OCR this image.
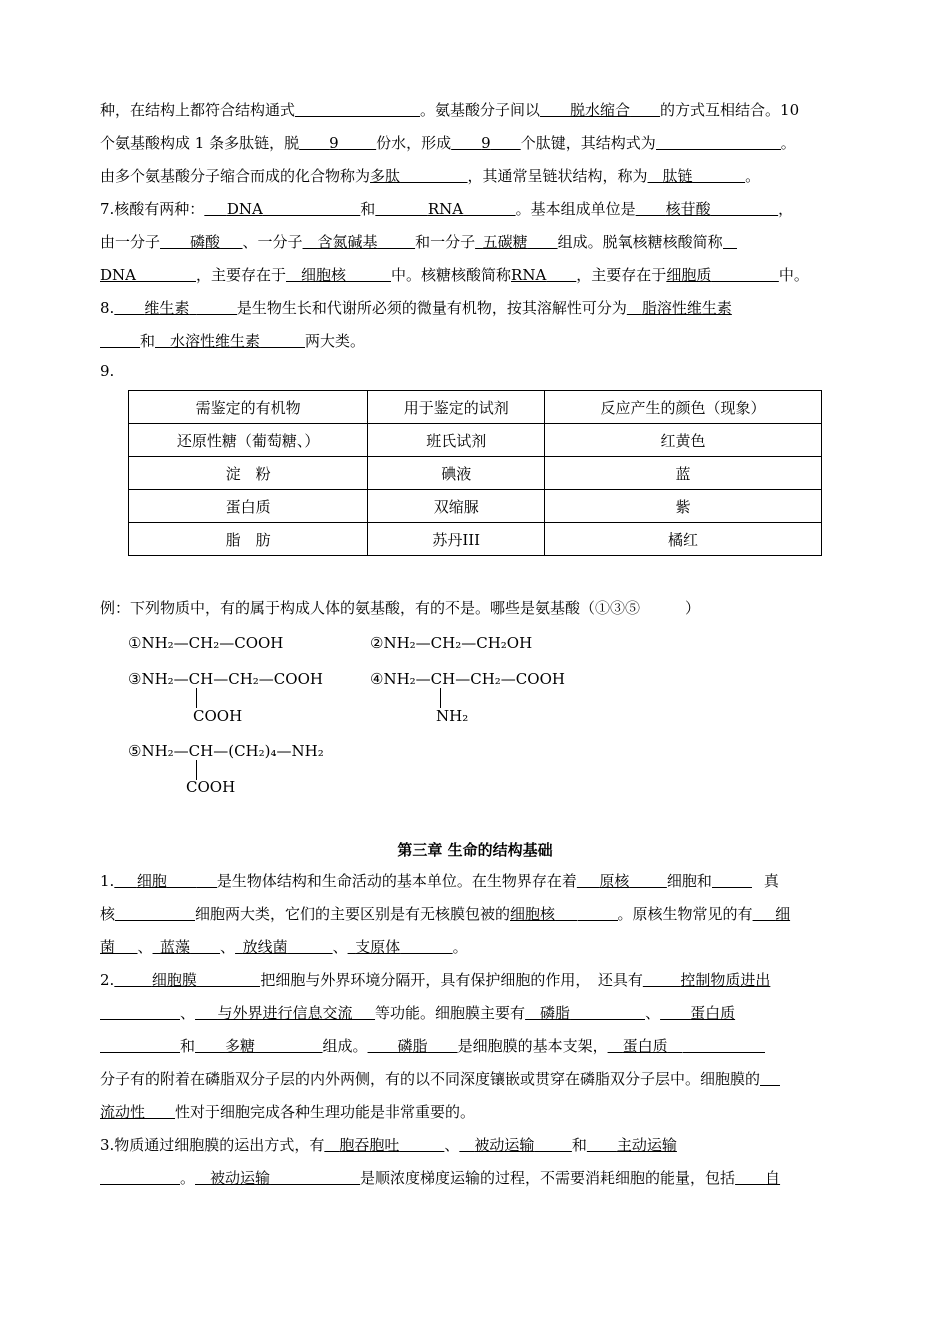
种，在结构上都符合结构通式	。氨基酸分子间以   脱水缩合   的方式互相结合。10
个氨基酸构成 1 条多肽链，脱   9   	份水，形成   9   个肽键，其结构式为	。
由多个氨基酸分子缩合而成的化合物称为多肽     	，其通常呈链状结构，称为  肽链    	。
7.核酸有两种：    DNA       	和    	RNA    	。基本组成单位是   核苷酸     	，
由一分子   磷酸   、一分子   含氮碱基   	和一分子  五碳糖   组成。脱氧核糖核酸简称
DNA    	，主要存在于   细胞核   	中。核糖核酸简称RNA   ，主要存在于细胞质     	中。
8.   维生素 	是生物生长和代谢所必须的微量有机物，按其溶解性可分为  脂溶性维生素
和  水溶性维生素 	两大类。
9.
需鉴定的有机物	用于鉴定的试剂	反应产生的颜色（现象）
还原性糖（葡萄糖、）	班氏试剂	红黄色
淀　粉	碘液	蓝
蛋白质	双缩脲	紫
脂　肪	苏丹III	橘红
例：下列物质中，有的属于构成人体的氨基酸，有的不是。哪些是氨基酸（①③⑤　　　）
①NH₂—CH₂—COOH	②NH₂—CH₂—CH₂OH
③NH₂—CH—CH₂—COOH
COOH
④NH₂—CH—CH₂—COOH
NH₂
⑤NH₂—CH—(CH₂)₄—NH₂
COOH
第三章 生命的结构基础
1.   细胞  	是生物体结构和生命活动的基本单位。在生物界存在着   原核   	细胞和	真
核	细胞两大类，它们的主要区别是有无核膜包被的细胞核  	。原核生物常见的有   细
菌   、  蓝藻   、  放线菌   	、  支原体    	。
2.   	细胞膜 	把细胞与外界环境分隔开，具有保护细胞的作用，　还具有   	控制物质进出
、   与外界进行信息交流   等功能。细胞膜主要有   磷脂 	、   蛋白质
和   多糖     	组成。   磷脂   是细胞膜的基本支架，  蛋白质 
分子有的附着在磷脂双分子层的内外两侧，有的以不同深度镶嵌或贯穿在磷脂双分子层中。细胞膜的
流动性   性对于细胞完成各种生理功能是非常重要的。
3.物质通过细胞膜的运出方式，有   胞吞胞吐   	、   被动运输   	和   主动运输
。   被动运输      	是顺浓度梯度运输的过程，不需要消耗细胞的能量，包括   自
